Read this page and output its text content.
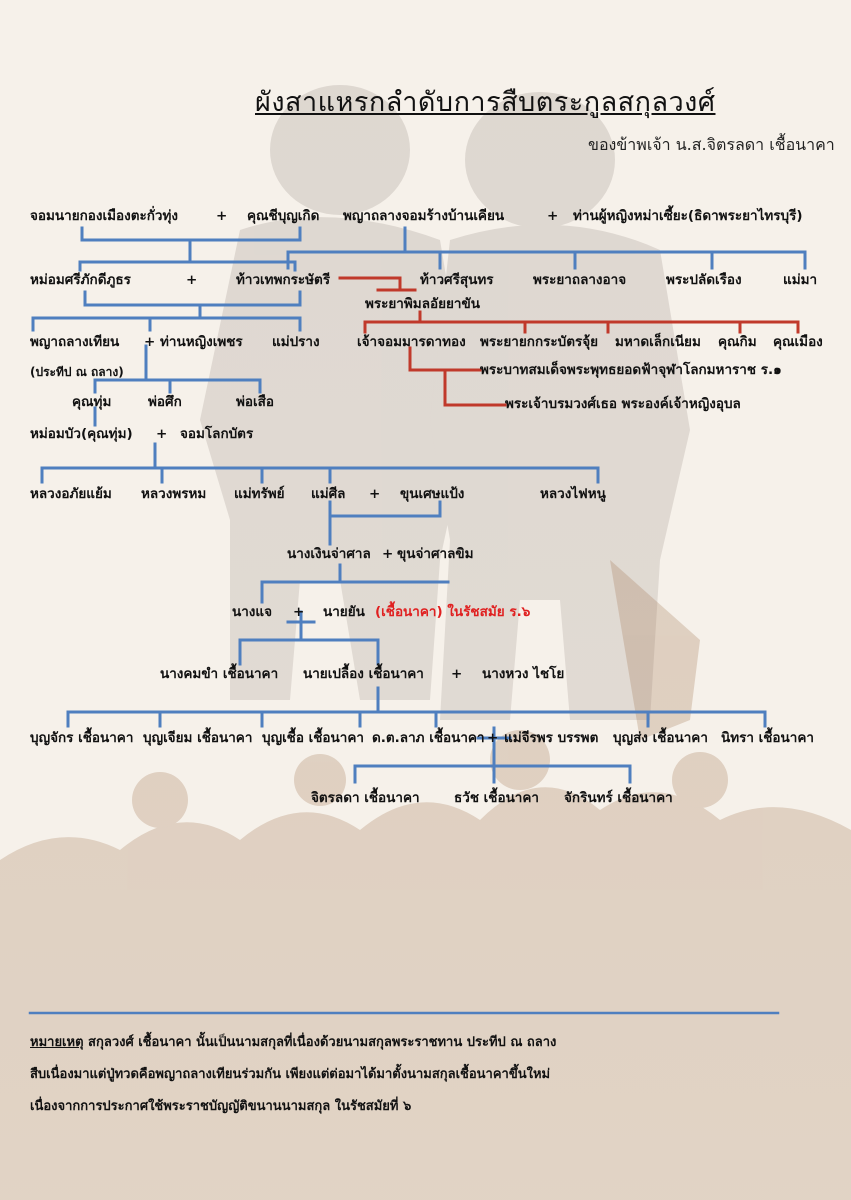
ผังสาแหรกลำดับการสืบตระกูลสกุลวงศ์
ของข้าพเจ้า น.ส.จิตรลดา เชื้อนาคา
จอมนายกองเมืองตะกั่วทุ่ง	+ คุณชีบุญเกิด พญาถลางจอมร้างบ้านเคียน	+ ท่านผู้หญิงหม่าเซี้ยะ(ธิดาพระยาไทรบุรี)
หม่อมศรีภักดีภูธร	+	ท้าวเทพกระษัตรี	ท้าวศรีสุนทร	พระยาถลางอาจ	พระปลัดเรือง	แม่มา
พระยาพิมลอัยยาขัน
พญาถลางเทียน + ท่านหญิงเพชร แม่ปราง	เจ้าจอมมารดาทอง พระยายกกระบัตรจุ้ย มหาดเล็กเนียม คุณกิม คุณเมือง
(ประทีป ณ ถลาง)	พระบาทสมเด็จพระพุทธยอดฟ้าจุฬาโลกมหาราช ร.๑
พระเจ้าบรมวงศ์เธอ พระองค์เจ้าหญิงอุบล
คุณทุ่ม	พ่อศึก	พ่อเสือ
หม่อมบัว(คุณทุ่ม) + จอมโลกบัตร
หลวงอภัยแย้ม หลวงพรหม แม่ทรัพย์ แม่ศีล + ขุนเศษแป้ง	หลวงไฟหนู
นางเงินจ่าศาล + ขุนจ่าศาลขิม
นางแจ + นายยัน (เชื้อนาคา) ในรัชสมัย ร.๖
นางคมขำ เชื้อนาคา นายเปลื้อง เชื้อนาคา + นางหวง ไชโย
บุญจักร เชื้อนาคา บุญเจียม เชื้อนาคา บุญเชื้อ เชื้อนาคา ด.ต.ลาภ เชื้อนาคา + แม่จีรพร บรรพต บุญส่ง เชื้อนาคา นิทรา เชื้อนาคา
จิตรลดา เชื้อนาคา	ธวัช เชื้อนาคา จักรินทร์ เชื้อนาคา
หมายเหตุ สกุลวงศ์ เชื้อนาคา นั้นเป็นนามสกุลที่เนื่องด้วยนามสกุลพระราชทาน ประทีป ณ ถลาง
สืบเนื่องมาแต่ปู่ทวดคือพญาถลางเทียนร่วมกัน เพียงแต่ต่อมาได้มาตั้งนามสกุลเชื้อนาคาขึ้นใหม่
เนื่องจากการประกาศใช้พระราชบัญญัติขนานนามสกุล ในรัชสมัยที่ ๖
